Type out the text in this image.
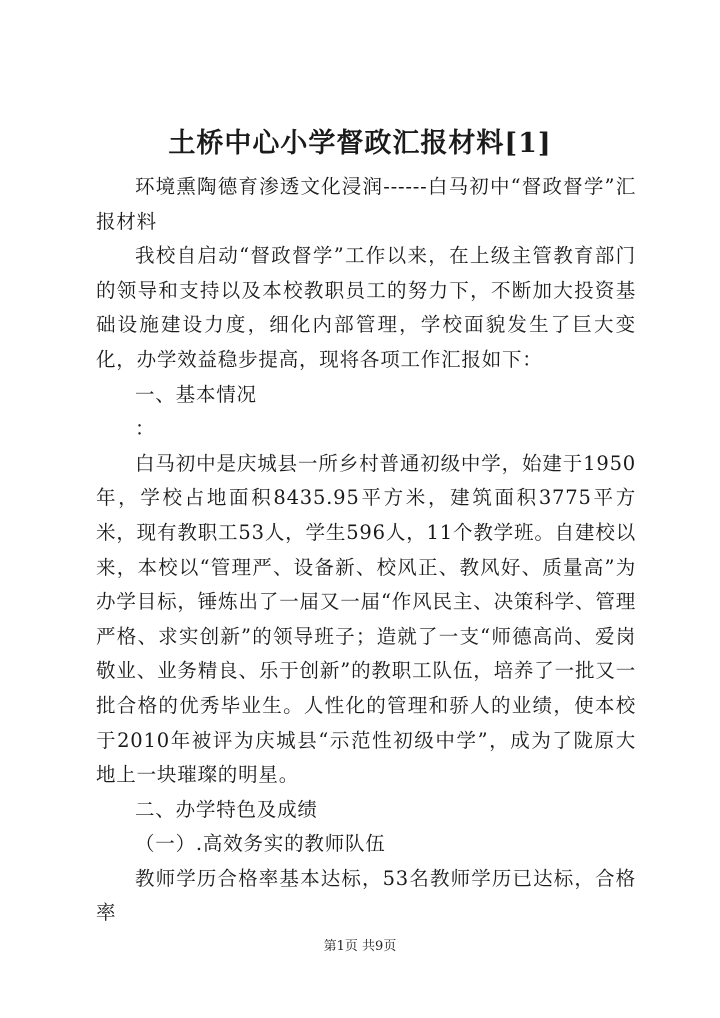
土桥中心小学督政汇报材料[1]

环境熏陶德育渗透文化浸润------白马初中“督政督学”汇报材料

我校自启动“督政督学”工作以来，在上级主管教育部门的领导和支持以及本校教职员工的努力下，不断加大投资基础设施建设力度，细化内部管理，学校面貌发生了巨大变化，办学效益稳步提高，现将各项工作汇报如下：

一、基本情况

：

白马初中是庆城县一所乡村普通初级中学，始建于1950年，学校占地面积8435.95平方米，建筑面积3775平方米，现有教职工53人，学生596人，11个教学班。自建校以来，本校以“管理严、设备新、校风正、教风好、质量高”为办学目标，锤炼出了一届又一届“作风民主、决策科学、管理严格、求实创新”的领导班子；造就了一支“师德高尚、爱岗敬业、业务精良、乐于创新”的教职工队伍，培养了一批又一批合格的优秀毕业生。人性化的管理和骄人的业绩，使本校于2010年被评为庆城县“示范性初级中学”，成为了陇原大地上一块璀璨的明星。

二、办学特色及成绩

（一）.高效务实的教师队伍

教师学历合格率基本达标，53名教师学历已达标，合格率

第1页 共9页
